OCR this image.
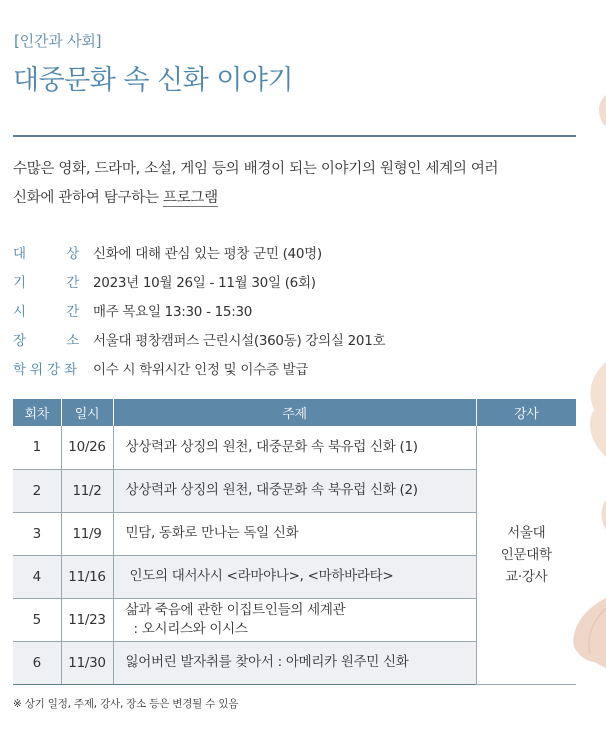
[인간과 사회]
대중문화 속 신화 이야기
수많은 영화, 드라마, 소설, 게임 등의 배경이 되는 이야기의 원형인 세계의 여러
신화에 관하여 탐구하는 프로그램
대	상 신화에 대해 관심 있는 평창 군민 (40명)
기	간 2023년 10월 26일 - 11월 30일 (6회)
시	간 매주 목요일 13:30 - 15:30
장	소 서울대 평창캠퍼스 근린시설(360동) 강의실 201호
학 위 강 좌 이수 시 학위시간 인정 및 이수증 발급
회차	일시	주제	강사
1	10/26	상상력과 상징의 원천, 대중문화 속 북유럽 신화 (1)	서울대
인문대학
교·강사

2	11/2	상상력과 상징의 원천, 대중문화 속 북유럽 신화 (2)	

3	11/9	민담, 동화로 만나는 독일 신화	

4	11/16	인도의 대서사시 <라마야나>, <마하바라타>	

5	11/23	삶과 죽음에 관한 이집트인들의 세계관
: 오시리스와 이시스	

6	11/30	잃어버린 발자취를 찾아서 : 아메리카 원주민 신화	
※ 상기 일정, 주제, 강사, 장소 등은 변경될 수 있음
